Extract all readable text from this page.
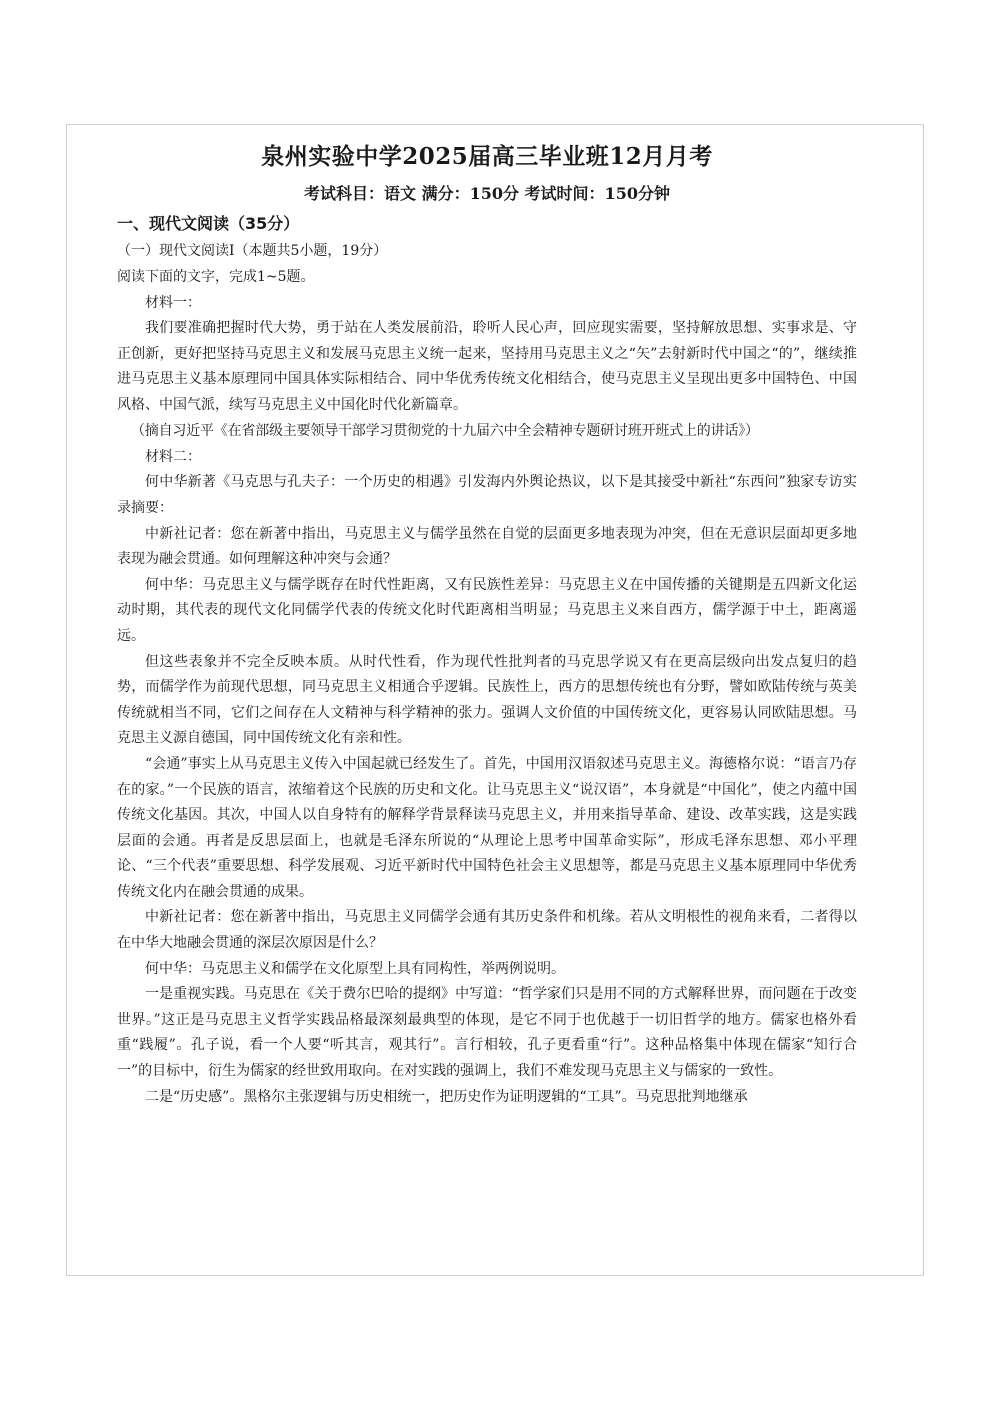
泉州实验中学2025届高三毕业班12月月考
考试科目：语文 满分：150分 考试时间：150分钟
一、现代文阅读（35分）
（一）现代文阅读Ⅰ（本题共5小题，19分）
阅读下面的文字，完成1~5题。
材料一：
我们要准确把握时代大势，勇于站在人类发展前沿，聆听人民心声，回应现实需要，坚持解放思想、实事求是、守正创新，更好把坚持马克思主义和发展马克思主义统一起来，坚持用马克思主义之“矢”去射新时代中国之“的”，继续推进马克思主义基本原理同中国具体实际相结合、同中华优秀传统文化相结合，使马克思主义呈现出更多中国特色、中国风格、中国气派，续写马克思主义中国化时代化新篇章。
（摘自习近平《在省部级主要领导干部学习贯彻党的十九届六中全会精神专题研讨班开班式上的讲话》）
材料二：
何中华新著《马克思与孔夫子：一个历史的相遇》引发海内外舆论热议，以下是其接受中新社“东西问”独家专访实录摘要：
中新社记者：您在新著中指出，马克思主义与儒学虽然在自觉的层面更多地表现为冲突，但在无意识层面却更多地表现为融会贯通。如何理解这种冲突与会通？
何中华：马克思主义与儒学既存在时代性距离，又有民族性差异：马克思主义在中国传播的关键期是五四新文化运动时期，其代表的现代文化同儒学代表的传统文化时代距离相当明显；马克思主义来自西方，儒学源于中土，距离遥远。
但这些表象并不完全反映本质。从时代性看，作为现代性批判者的马克思学说又有在更高层级向出发点复归的趋势，而儒学作为前现代思想，同马克思主义相通合乎逻辑。民族性上，西方的思想传统也有分野，譬如欧陆传统与英美传统就相当不同，它们之间存在人文精神与科学精神的张力。强调人文价值的中国传统文化，更容易认同欧陆思想。马克思主义源自德国，同中国传统文化有亲和性。
“会通”事实上从马克思主义传入中国起就已经发生了。首先，中国用汉语叙述马克思主义。海德格尔说：“语言乃存在的家。”一个民族的语言，浓缩着这个民族的历史和文化。让马克思主义“说汉语”，本身就是“中国化”，使之内蕴中国传统文化基因。其次，中国人以自身特有的解释学背景释读马克思主义，并用来指导革命、建设、改革实践，这是实践层面的会通。再者是反思层面上，也就是毛泽东所说的“从理论上思考中国革命实际”，形成毛泽东思想、邓小平理论、“三个代表”重要思想、科学发展观、习近平新时代中国特色社会主义思想等，都是马克思主义基本原理同中华优秀传统文化内在融会贯通的成果。
中新社记者：您在新著中指出，马克思主义同儒学会通有其历史条件和机缘。若从文明根性的视角来看，二者得以在中华大地融会贯通的深层次原因是什么？
何中华：马克思主义和儒学在文化原型上具有同构性，举两例说明。
一是重视实践。马克思在《关于费尔巴哈的提纲》中写道：“哲学家们只是用不同的方式解释世界，而问题在于改变世界。”这正是马克思主义哲学实践品格最深刻最典型的体现，是它不同于也优越于一切旧哲学的地方。儒家也格外看重“践履”。孔子说，看一个人要“听其言，观其行”。言行相较，孔子更看重“行”。这种品格集中体现在儒家“知行合一”的目标中，衍生为儒家的经世致用取向。在对实践的强调上，我们不难发现马克思主义与儒家的一致性。
二是“历史感”。黑格尔主张逻辑与历史相统一，把历史作为证明逻辑的“工具”。马克思批判地继承
